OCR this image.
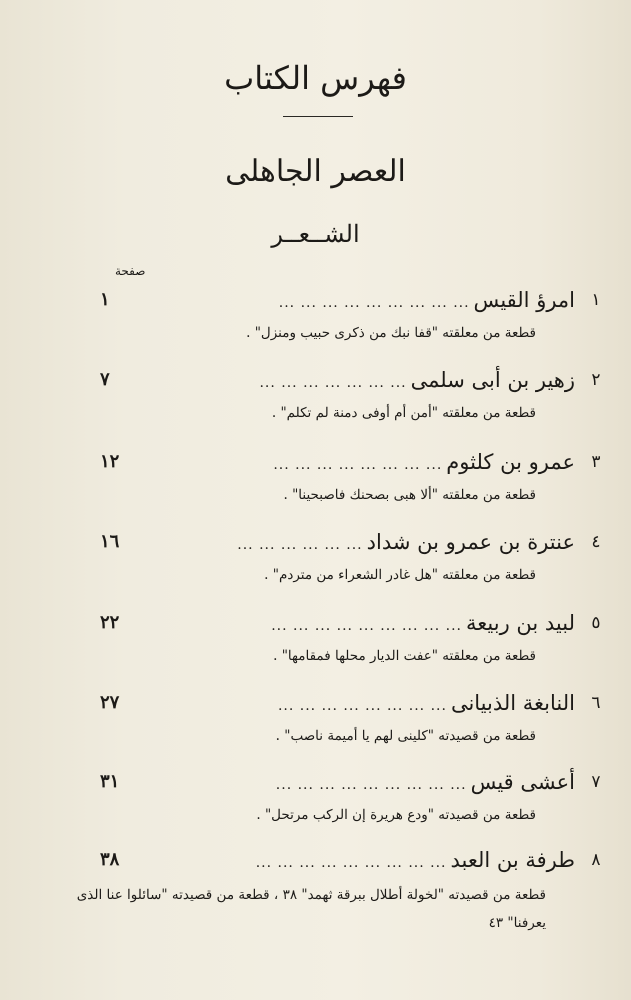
فهرس الكتاب
العصر الجاهلى
الشــعــر
صفحة
١
امرؤ القيس
... ... ... ... ... ... ... ... ...
١
قطعة من معلقته "قفا نبك من ذكرى حبيب ومنزل" .
٢
زهير بن أبى سلمى
... ... ... ... ... ... ...
٧
قطعة من معلقته "أمن أم أوفى دمنة لم تكلم" .
٣
عمرو بن كلثوم
... ... ... ... ... ... ... ...
١٢
قطعة من معلقته "ألا هبى بصحنك فاصبحينا" .
٤
عنترة بن عمرو بن شداد
... ... ... ... ... ...
١٦
قطعة من معلقته "هل غادر الشعراء من متردم" .
٥
لبيد بن ربيعة
... ... ... ... ... ... ... ... ...
٢٢
قطعة من معلقته "عفت الديار محلها فمقامها" .
٦
النابغة الذبيانى
... ... ... ... ... ... ... ...
٢٧
قطعة من قصيدته "كلينى لهم يا أميمة ناصب" .
٧
أعشى قيس
... ... ... ... ... ... ... ... ...
٣١
قطعة من قصيدته "ودع هريرة إن الركب مرتحل" .
٨
طرفة بن العبد
... ... ... ... ... ... ... ... ...
٣٨
قطعة من قصيدته "لخولة أطلال ببرقة ثهمد" ٣٨ ، قطعة من قصيدته "سائلوا عنا الذى يعرفنا" ٤٣
